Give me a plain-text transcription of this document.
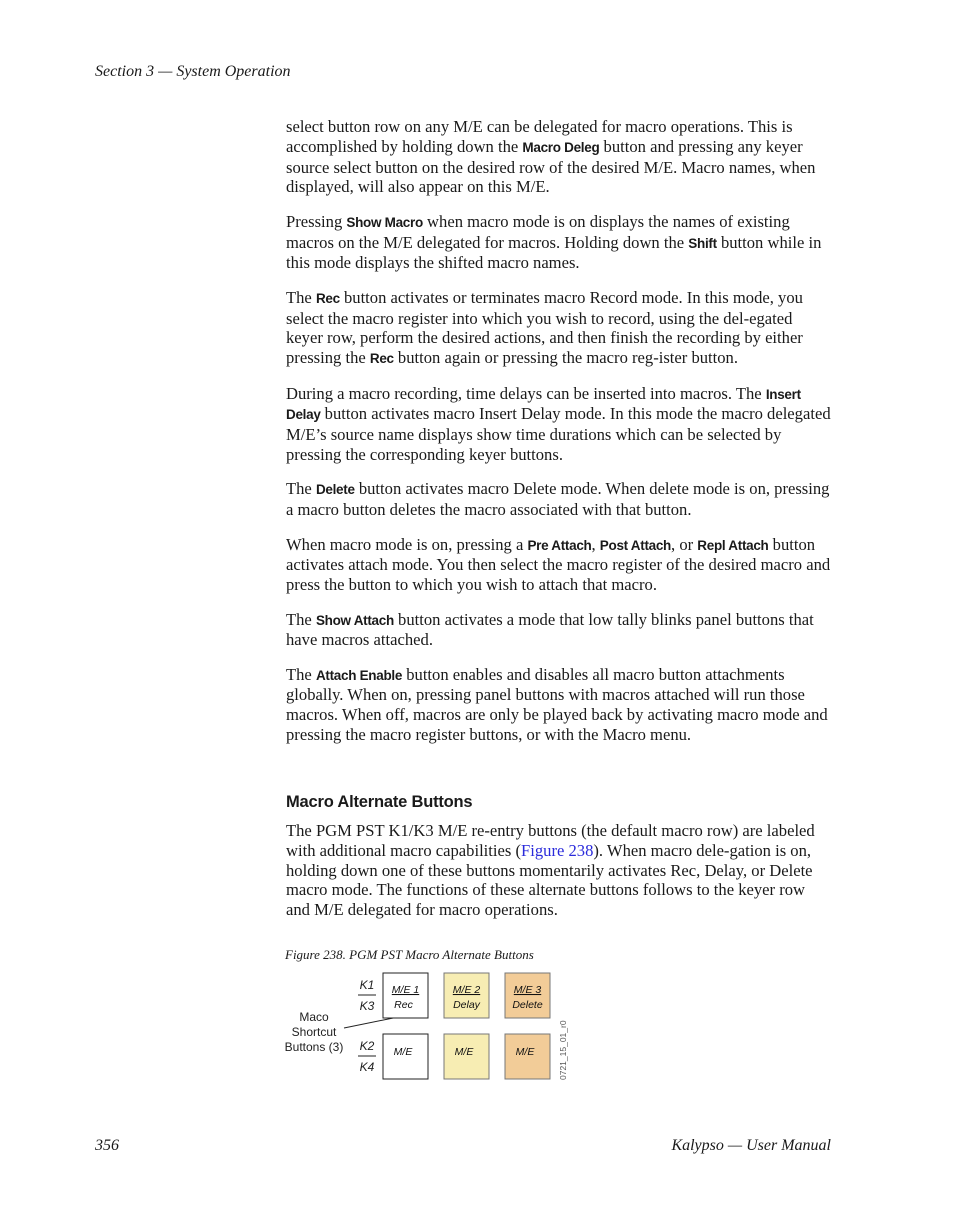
Section 3 — System Operation

select button row on any M/E can be delegated for macro operations. This is accomplished by holding down the Macro Deleg button and pressing any keyer source select button on the desired row of the desired M/E. Macro names, when displayed, will also appear on this M/E.

Pressing Show Macro when macro mode is on displays the names of existing macros on the M/E delegated for macros. Holding down the Shift button while in this mode displays the shifted macro names.

The Rec button activates or terminates macro Record mode. In this mode, you select the macro register into which you wish to record, using the del-egated keyer row, perform the desired actions, and then finish the recording by either pressing the Rec button again or pressing the macro reg-ister button.

During a macro recording, time delays can be inserted into macros. The Insert Delay button activates macro Insert Delay mode. In this mode the macro delegated M/E’s source name displays show time durations which can be selected by pressing the corresponding keyer buttons.

The Delete button activates macro Delete mode. When delete mode is on, pressing a macro button deletes the macro associated with that button.

When macro mode is on, pressing a Pre Attach, Post Attach, or Repl Attach button activates attach mode. You then select the macro register of the desired macro and press the button to which you wish to attach that macro.

The Show Attach button activates a mode that low tally blinks panel buttons that have macros attached.

The Attach Enable button enables and disables all macro button attachments globally. When on, pressing panel buttons with macros attached will run those macros. When off, macros are only be played back by activating macro mode and pressing the macro register buttons, or with the Macro menu.

Macro Alternate Buttons

The PGM PST K1/K3 M/E re-entry buttons (the default macro row) are labeled with additional macro capabilities (Figure 238). When macro dele-gation is on, holding down one of these buttons momentarily activates Rec, Delay, or Delete macro mode. The functions of these alternate buttons follows to the keyer row and M/E delegated for macro operations.

Figure 238. PGM PST Macro Alternate Buttons
Maco
Shortcut
Buttons (3)
K1
K3
K2
K4
M/E 1
Rec
M/E 2
Delay
M/E 3
Delete
M/E	M/E	M/E	0721_15_01_r0
356	Kalypso — User Manual
